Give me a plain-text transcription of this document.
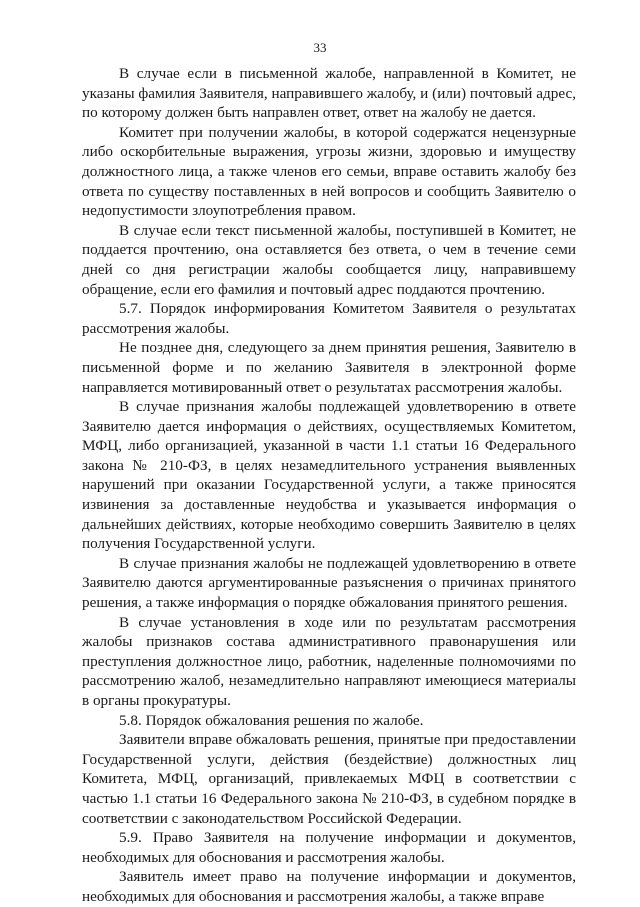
33

В случае если в письменной жалобе, направленной в Комитет, не указаны фамилия Заявителя, направившего жалобу, и (или) почтовый адрес, по которому должен быть направлен ответ, ответ на жалобу не дается.

Комитет при получении жалобы, в которой содержатся нецензурные либо оскорбительные выражения, угрозы жизни, здоровью и имуществу должностного лица, а также членов его семьи, вправе оставить жалобу без ответа по существу поставленных в ней вопросов и сообщить Заявителю о недопустимости злоупотребления правом.

В случае если текст письменной жалобы, поступившей в Комитет, не поддается прочтению, она оставляется без ответа, о чем в течение семи дней со дня регистрации жалобы сообщается лицу, направившему обращение, если его фамилия и почтовый адрес поддаются прочтению.

5.7. Порядок информирования Комитетом Заявителя о результатах рассмотрения жалобы.

Не позднее дня, следующего за днем принятия решения, Заявителю в письменной форме и по желанию Заявителя в электронной форме направляется мотивированный ответ о результатах рассмотрения жалобы.

В случае признания жалобы подлежащей удовлетворению в ответе Заявителю дается информация о действиях, осуществляемых Комитетом, МФЦ, либо организацией, указанной в части 1.1 статьи 16 Федерального закона № 210-ФЗ, в целях незамедлительного устранения выявленных нарушений при оказании Государственной услуги, а также приносятся извинения за доставленные неудобства и указывается информация о дальнейших действиях, которые необходимо совершить Заявителю в целях получения Государственной услуги.

В случае признания жалобы не подлежащей удовлетворению в ответе Заявителю даются аргументированные разъяснения о причинах принятого решения, а также информация о порядке обжалования принятого решения.

В случае установления в ходе или по результатам рассмотрения жалобы признаков состава административного правонарушения или преступления должностное лицо, работник, наделенные полномочиями по рассмотрению жалоб, незамедлительно направляют имеющиеся материалы в органы прокуратуры.

5.8. Порядок обжалования решения по жалобе.

Заявители вправе обжаловать решения, принятые при предоставлении Государственной услуги, действия (бездействие) должностных лиц Комитета, МФЦ, организаций, привлекаемых МФЦ в соответствии с частью 1.1 статьи 16 Федерального закона № 210-ФЗ, в судебном порядке в соответствии с законодательством Российской Федерации.

5.9. Право Заявителя на получение информации и документов, необходимых для обоснования и рассмотрения жалобы.

Заявитель имеет право на получение информации и документов, необходимых для обоснования и рассмотрения жалобы, а также вправе
